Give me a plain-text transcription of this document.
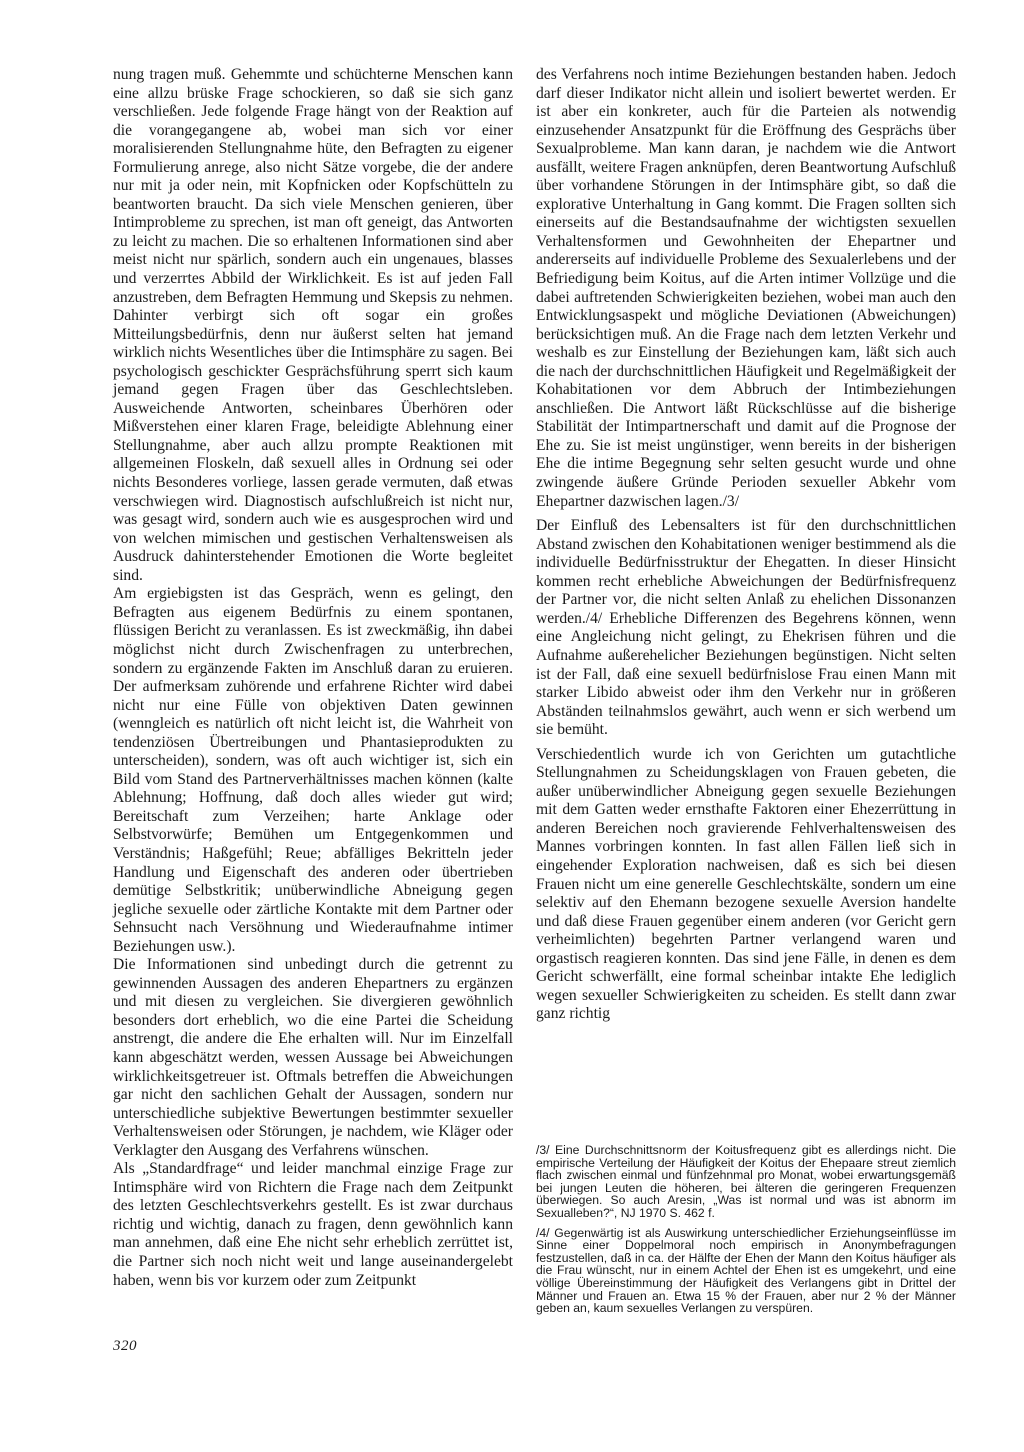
nung tragen muß. Gehemmte und schüchterne Menschen kann eine allzu brüske Frage schockieren, so daß sie sich ganz verschließen. Jede folgende Frage hängt von der Reaktion auf die vorangegangene ab, wobei man sich vor einer moralisierenden Stellungnahme hüte, den Befragten zu eigener Formulierung anrege, also nicht Sätze vorgebe, die der andere nur mit ja oder nein, mit Kopfnicken oder Kopfschütteln zu beantworten braucht. Da sich viele Menschen genieren, über Intimprobleme zu sprechen, ist man oft geneigt, das Antworten zu leicht zu machen. Die so erhaltenen Informationen sind aber meist nicht nur spärlich, sondern auch ein ungenaues, blasses und verzerrtes Abbild der Wirklichkeit. Es ist auf jeden Fall anzustreben, dem Befragten Hemmung und Skepsis zu nehmen. Dahinter verbirgt sich oft sogar ein großes Mitteilungsbedürfnis, denn nur äußerst selten hat jemand wirklich nichts Wesentliches über die Intimsphäre zu sagen. Bei psychologisch geschickter Gesprächsführung sperrt sich kaum jemand gegen Fragen über das Geschlechtsleben. Ausweichende Antworten, scheinbares Überhören oder Mißverstehen einer klaren Frage, beleidigte Ablehnung einer Stellungnahme, aber auch allzu prompte Reaktionen mit allgemeinen Floskeln, daß sexuell alles in Ordnung sei oder nichts Besonderes vorliege, lassen gerade vermuten, daß etwas verschwiegen wird. Diagnostisch aufschlußreich ist nicht nur, was gesagt wird, sondern auch wie es ausgesprochen wird und von welchen mimischen und gestischen Verhaltensweisen als Ausdruck dahinterstehender Emotionen die Worte begleitet sind.

Am ergiebigsten ist das Gespräch, wenn es gelingt, den Befragten aus eigenem Bedürfnis zu einem spontanen, flüssigen Bericht zu veranlassen. Es ist zweckmäßig, ihn dabei möglichst nicht durch Zwischenfragen zu unterbrechen, sondern zu ergänzende Fakten im Anschluß daran zu eruieren. Der aufmerksam zuhörende und erfahrene Richter wird dabei nicht nur eine Fülle von objektiven Daten gewinnen (wenngleich es natürlich oft nicht leicht ist, die Wahrheit von tendenziösen Übertreibungen und Phantasieprodukten zu unterscheiden), sondern, was oft auch wichtiger ist, sich ein Bild vom Stand des Partnerverhältnisses machen können (kalte Ablehnung; Hoffnung, daß doch alles wieder gut wird; Bereitschaft zum Verzeihen; harte Anklage oder Selbstvorwürfe; Bemühen um Entgegenkommen und Verständnis; Haßgefühl; Reue; abfälliges Bekritteln jeder Handlung und Eigenschaft des anderen oder übertrieben demütige Selbstkritik; unüberwindliche Abneigung gegen jegliche sexuelle oder zärtliche Kontakte mit dem Partner oder Sehnsucht nach Versöhnung und Wiederaufnahme intimer Beziehungen usw.).

Die Informationen sind unbedingt durch die getrennt zu gewinnenden Aussagen des anderen Ehepartners zu ergänzen und mit diesen zu vergleichen. Sie divergieren gewöhnlich besonders dort erheblich, wo die eine Partei die Scheidung anstrengt, die andere die Ehe erhalten will. Nur im Einzelfall kann abgeschätzt werden, wessen Aussage bei Abweichungen wirklichkeitsgetreuer ist. Oftmals betreffen die Abweichungen gar nicht den sachlichen Gehalt der Aussagen, sondern nur unterschiedliche subjektive Bewertungen bestimmter sexueller Verhaltensweisen oder Störungen, je nachdem, wie Kläger oder Verklagter den Ausgang des Verfahrens wünschen.

Als „Standardfrage“ und leider manchmal einzige Frage zur Intimsphäre wird von Richtern die Frage nach dem Zeitpunkt des letzten Geschlechtsverkehrs gestellt. Es ist zwar durchaus richtig und wichtig, danach zu fragen, denn gewöhnlich kann man annehmen, daß eine Ehe nicht sehr erheblich zerrüttet ist, die Partner sich noch nicht weit und lange auseinandergelebt haben, wenn bis vor kurzem oder zum Zeitpunkt

des Verfahrens noch intime Beziehungen bestanden haben. Jedoch darf dieser Indikator nicht allein und isoliert bewertet werden. Er ist aber ein konkreter, auch für die Parteien als notwendig einzusehender Ansatzpunkt für die Eröffnung des Gesprächs über Sexualprobleme. Man kann daran, je nachdem wie die Antwort ausfällt, weitere Fragen anknüpfen, deren Beantwortung Aufschluß über vorhandene Störungen in der Intimsphäre gibt, so daß die explorative Unterhaltung in Gang kommt. Die Fragen sollten sich einerseits auf die Bestandsaufnahme der wichtigsten sexuellen Verhaltensformen und Gewohnheiten der Ehepartner und andererseits auf individuelle Probleme des Sexualerlebens und der Befriedigung beim Koitus, auf die Arten intimer Vollzüge und die dabei auftretenden Schwierigkeiten beziehen, wobei man auch den Entwicklungsaspekt und mögliche Deviationen (Abweichungen) berücksichtigen muß. An die Frage nach dem letzten Verkehr und weshalb es zur Einstellung der Beziehungen kam, läßt sich auch die nach der durchschnittlichen Häufigkeit und Regelmäßigkeit der Kohabitationen vor dem Abbruch der Intimbeziehungen anschließen. Die Antwort läßt Rückschlüsse auf die bisherige Stabilität der Intimpartnerschaft und damit auf die Prognose der Ehe zu. Sie ist meist ungünstiger, wenn bereits in der bisherigen Ehe die intime Begegnung sehr selten gesucht wurde und ohne zwingende äußere Gründe Perioden sexueller Abkehr vom Ehepartner dazwischen lagen./3/

Der Einfluß des Lebensalters ist für den durchschnittlichen Abstand zwischen den Kohabitationen weniger bestimmend als die individuelle Bedürfnisstruktur der Ehegatten. In dieser Hinsicht kommen recht erhebliche Abweichungen der Bedürfnisfrequenz der Partner vor, die nicht selten Anlaß zu ehelichen Dissonanzen werden./4/ Erhebliche Differenzen des Begehrens können, wenn eine Angleichung nicht gelingt, zu Ehekrisen führen und die Aufnahme außerehelicher Beziehungen begünstigen. Nicht selten ist der Fall, daß eine sexuell bedürfnislose Frau einen Mann mit starker Libido abweist oder ihm den Verkehr nur in größeren Abständen teilnahmslos gewährt, auch wenn er sich werbend um sie bemüht.

Verschiedentlich wurde ich von Gerichten um gutachtliche Stellungnahmen zu Scheidungsklagen von Frauen gebeten, die außer unüberwindlicher Abneigung gegen sexuelle Beziehungen mit dem Gatten weder ernsthafte Faktoren einer Ehezerrüttung in anderen Bereichen noch gravierende Fehlverhaltensweisen des Mannes vorbringen konnten. In fast allen Fällen ließ sich in eingehender Exploration nachweisen, daß es sich bei diesen Frauen nicht um eine generelle Geschlechtskälte, sondern um eine selektiv auf den Ehemann bezogene sexuelle Aversion handelte und daß diese Frauen gegenüber einem anderen (vor Gericht gern verheimlichten) begehrten Partner verlangend waren und orgastisch reagieren konnten. Das sind jene Fälle, in denen es dem Gericht schwerfällt, eine formal scheinbar intakte Ehe lediglich wegen sexueller Schwierigkeiten zu scheiden. Es stellt dann zwar ganz richtig

/3/ Eine Durchschnittsnorm der Koitusfrequenz gibt es allerdings nicht. Die empirische Verteilung der Häufigkeit der Koitus der Ehepaare streut ziemlich flach zwischen einmal und fünfzehnmal pro Monat, wobei erwartungsgemäß bei jungen Leuten die höheren, bei älteren die geringeren Frequenzen überwiegen. So auch Aresin, „Was ist normal und was ist abnorm im Sexualleben?“, NJ 1970 S. 462 f.

/4/ Gegenwärtig ist als Auswirkung unterschiedlicher Erziehungseinflüsse im Sinne einer Doppelmoral noch empirisch in Anonymbefragungen festzustellen, daß in ca. der Hälfte der Ehen der Mann den Koitus häufiger als die Frau wünscht, nur in einem Achtel der Ehen ist es umgekehrt, und eine völlige Übereinstimmung der Häufigkeit des Verlangens gibt in Drittel der Männer und Frauen an. Etwa 15 % der Frauen, aber nur 2 % der Männer geben an, kaum sexuelles Verlangen zu verspüren.

320
